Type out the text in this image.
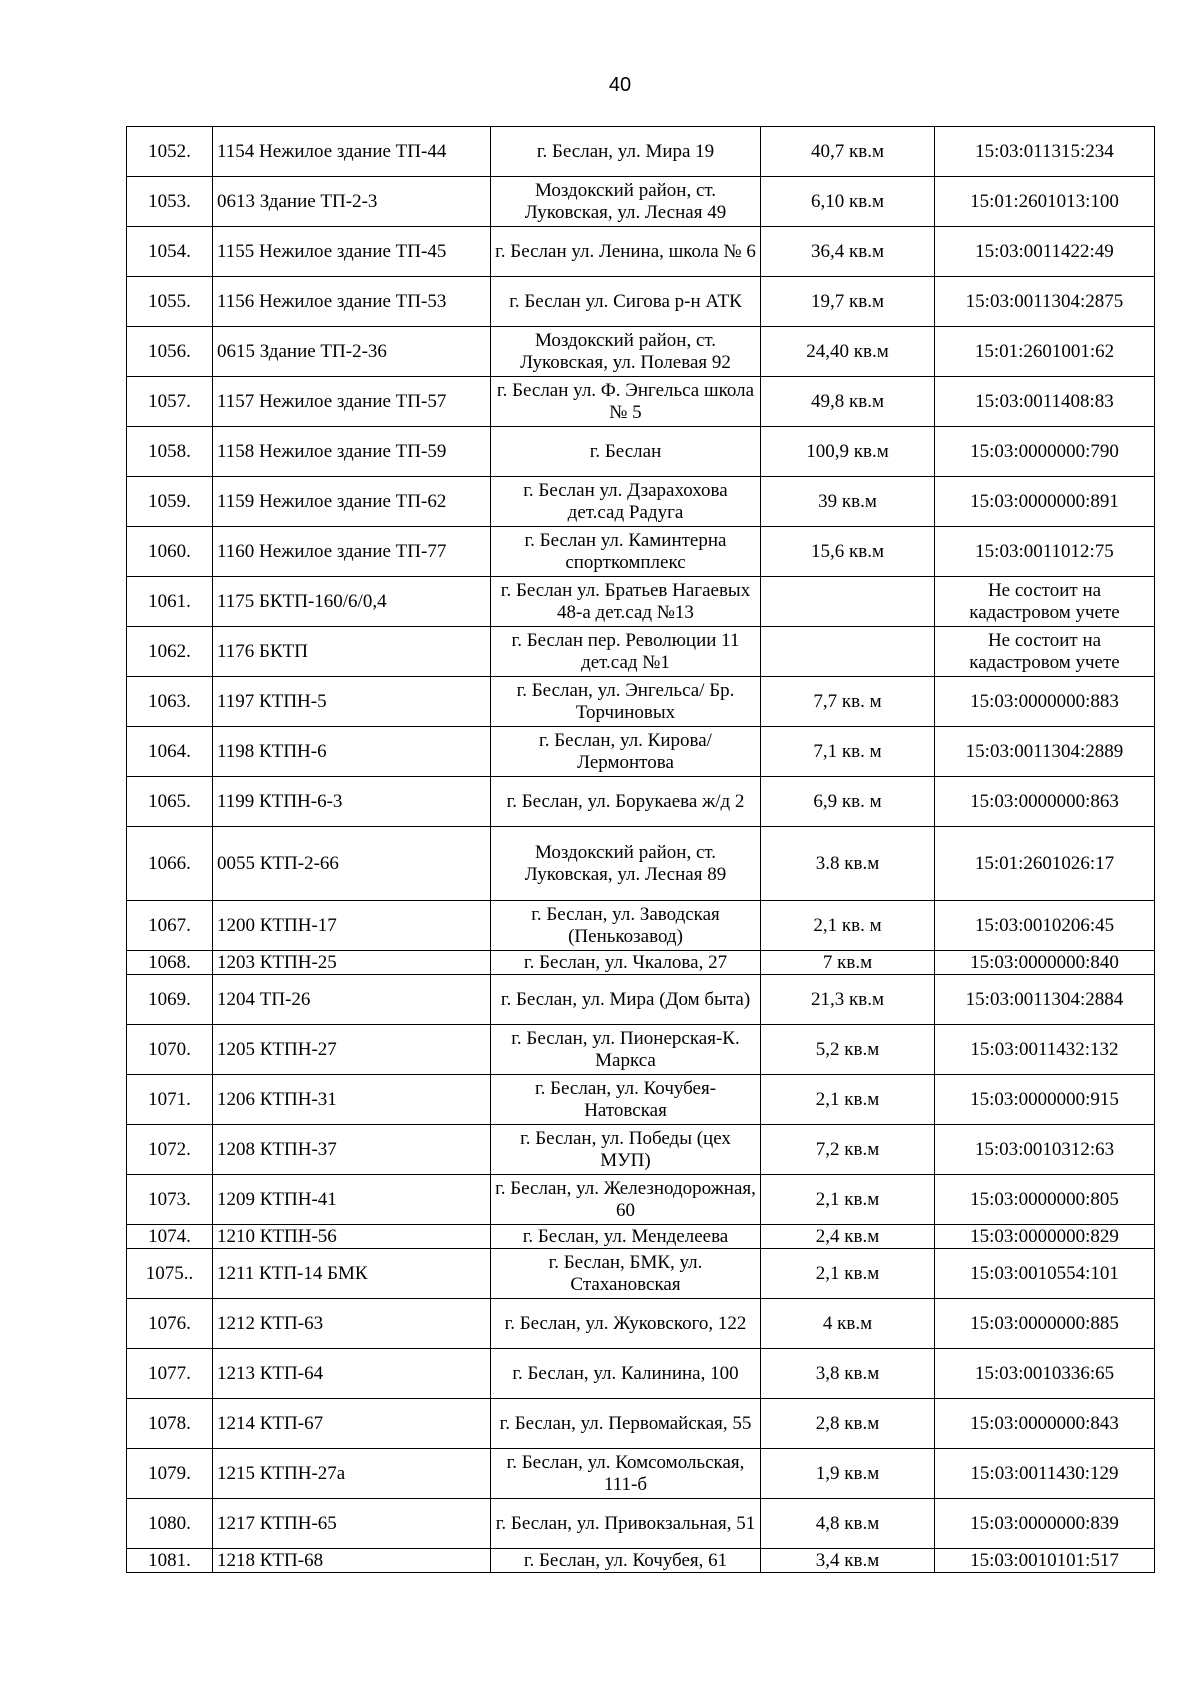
40
1052.	1154 Нежилое здание ТП-44	г. Беслан, ул. Мира 19	40,7 кв.м	15:03:011315:234
1053.	0613 Здание ТП-2-3	Моздокский район, ст. Луковская, ул. Лесная 49	6,10 кв.м	15:01:2601013:100
1054.	1155 Нежилое здание ТП-45	г. Беслан ул. Ленина, школа № 6	36,4 кв.м	15:03:0011422:49
1055.	1156 Нежилое здание ТП-53	г. Беслан ул. Сигова р-н АТК	19,7 кв.м	15:03:0011304:2875
1056.	0615 Здание ТП-2-36	Моздокский район, ст. Луковская, ул. Полевая 92	24,40 кв.м	15:01:2601001:62
1057.	1157 Нежилое здание ТП-57	г. Беслан ул. Ф. Энгельса школа № 5	49,8 кв.м	15:03:0011408:83
1058.	1158 Нежилое здание ТП-59	г. Беслан	100,9 кв.м	15:03:0000000:790
1059.	1159 Нежилое здание ТП-62	г. Беслан ул. Дзарахохова дет.сад Радуга	39 кв.м	15:03:0000000:891
1060.	1160 Нежилое здание ТП-77	г. Беслан ул. Каминтерна спорткомплекс	15,6 кв.м	15:03:0011012:75
1061.	1175 БКТП-160/6/0,4	г. Беслан ул. Братьев Нагаевых 48-а дет.сад №13		Не состоит на кадастровом учете
1062.	1176 БКТП	г. Беслан пер. Революции 11 дет.сад №1		Не состоит на кадастровом учете
1063.	1197 КТПН-5	г. Беслан, ул. Энгельса/ Бр. Торчиновых	7,7 кв. м	15:03:0000000:883
1064.	1198 КТПН-6	г. Беслан, ул. Кирова/Лермонтова	7,1 кв. м	15:03:0011304:2889
1065.	1199 КТПН-6-3	г. Беслан, ул. Борукаева ж/д 2	6,9 кв. м	15:03:0000000:863
1066.	0055 КТП-2-66	Моздокский район, ст. Луковская, ул. Лесная 89	3.8 кв.м	15:01:2601026:17
1067.	1200 КТПН-17	г. Беслан, ул. Заводская (Пенькозавод)	2,1 кв. м	15:03:0010206:45
1068.	1203 КТПН-25	г. Беслан, ул. Чкалова, 27	7 кв.м	15:03:0000000:840
1069.	1204 ТП-26	г. Беслан, ул. Мира (Дом быта)	21,3 кв.м	15:03:0011304:2884
1070.	1205 КТПН-27	г. Беслан, ул. Пионерская-К. Маркса	5,2 кв.м	15:03:0011432:132
1071.	1206 КТПН-31	г. Беслан, ул. Кочубея-Натовская	2,1 кв.м	15:03:0000000:915
1072.	1208 КТПН-37	г. Беслан, ул. Победы (цех МУП)	7,2 кв.м	15:03:0010312:63
1073.	1209 КТПН-41	г. Беслан, ул. Железнодорожная, 60	2,1 кв.м	15:03:0000000:805
1074.	1210 КТПН-56	г. Беслан, ул. Менделеева	2,4 кв.м	15:03:0000000:829
1075..	1211 КТП-14 БМК	г. Беслан, БМК, ул. Стахановская	2,1 кв.м	15:03:0010554:101
1076.	1212 КТП-63	г. Беслан, ул. Жуковского, 122	4 кв.м	15:03:0000000:885
1077.	1213 КТП-64	г. Беслан, ул. Калинина, 100	3,8 кв.м	15:03:0010336:65
1078.	1214 КТП-67	г. Беслан, ул. Первомайская, 55	2,8 кв.м	15:03:0000000:843
1079.	1215 КТПН-27а	г. Беслан, ул. Комсомольская, 111-б	1,9 кв.м	15:03:0011430:129
1080.	1217 КТПН-65	г. Беслан, ул. Привокзальная, 51	4,8 кв.м	15:03:0000000:839
1081.	1218 КТП-68	г. Беслан, ул. Кочубея, 61	3,4 кв.м	15:03:0010101:517
